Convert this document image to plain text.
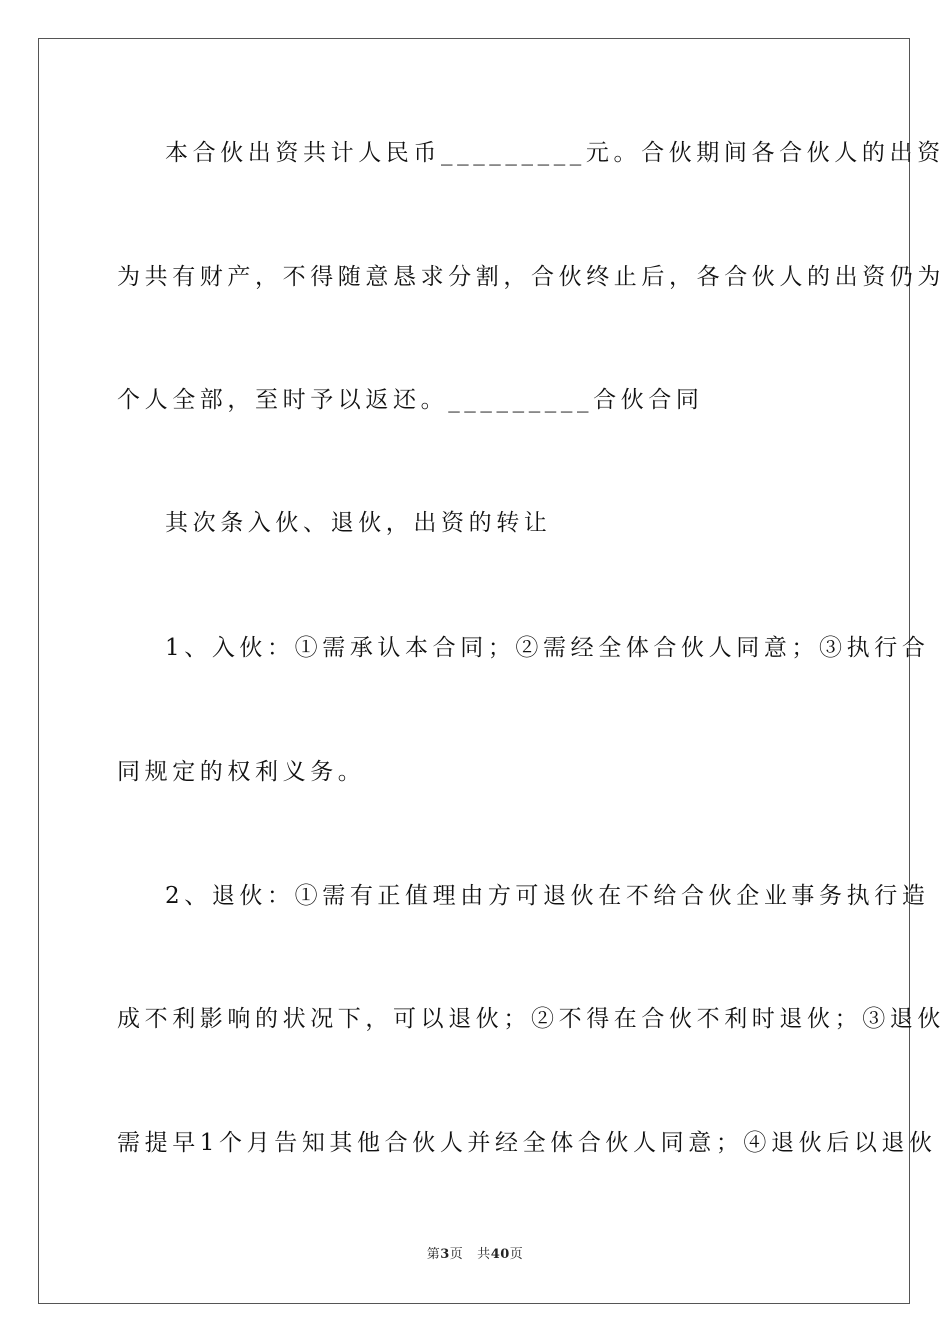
本合伙出资共计人民币_________元。合伙期间各合伙人的出资
为共有财产，不得随意恳求分割，合伙终止后，各合伙人的出资仍为
个人全部，至时予以返还。_________合伙合同
其次条入伙、退伙，出资的转让
1、入伙：①需承认本合同；②需经全体合伙人同意；③执行合
同规定的权利义务。
2、退伙：①需有正值理由方可退伙在不给合伙企业事务执行造
成不利影响的状况下，可以退伙；②不得在合伙不利时退伙；③退伙
需提早1个月告知其他合伙人并经全体合伙人同意；④退伙后以退伙
第3页 共40页
